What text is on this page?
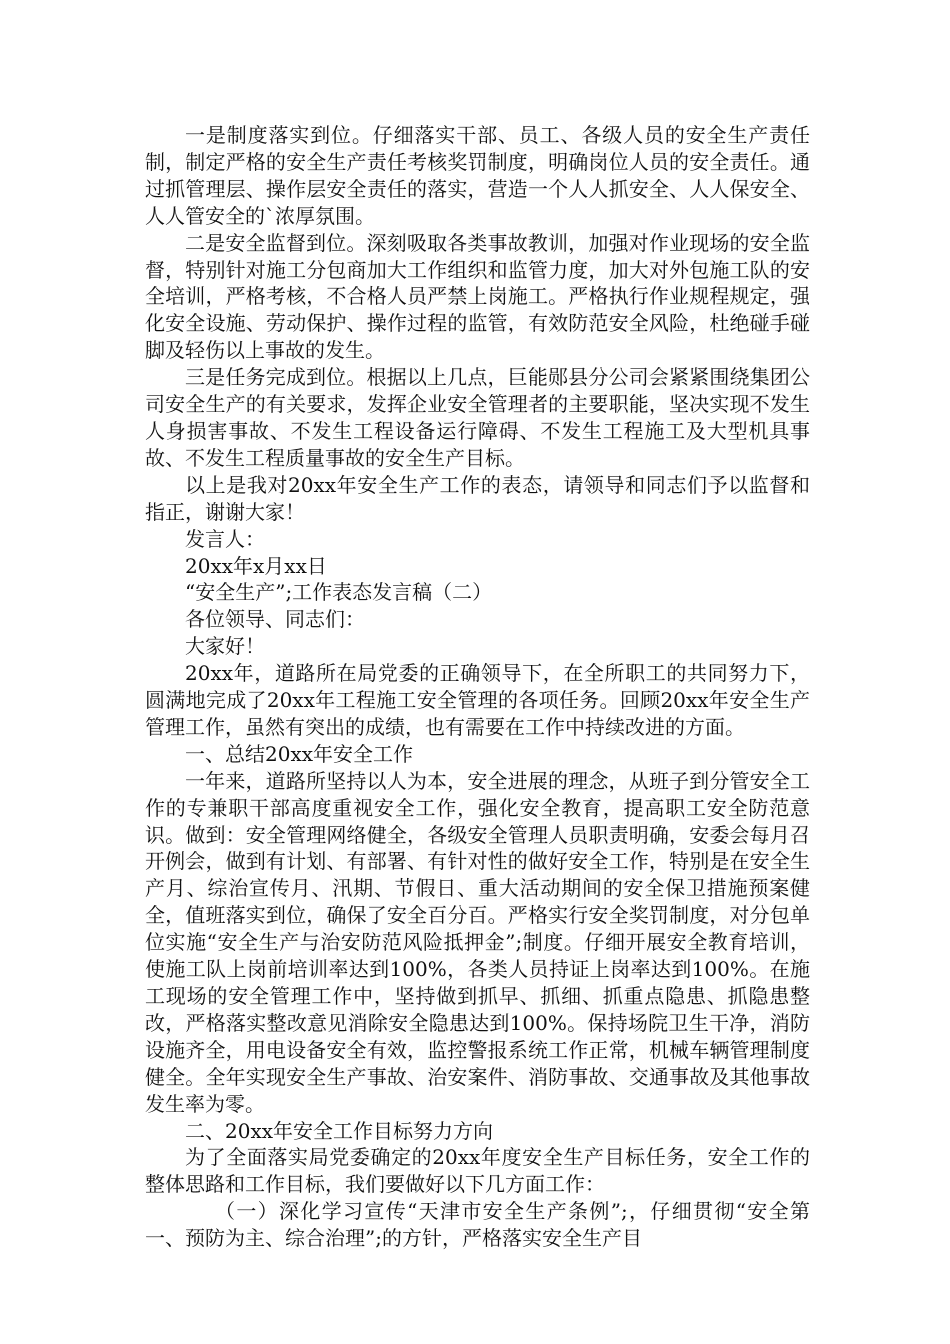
一是制度落实到位。仔细落实干部、员工、各级人员的安全生产责任制，制定严格的安全生产责任考核奖罚制度，明确岗位人员的安全责任。通过抓管理层、操作层安全责任的落实，营造一个人人抓安全、人人保安全、人人管安全的`浓厚氛围。

二是安全监督到位。深刻吸取各类事故教训，加强对作业现场的安全监督，特别针对施工分包商加大工作组织和监管力度，加大对外包施工队的安全培训，严格考核，不合格人员严禁上岗施工。严格执行作业规程规定，强化安全设施、劳动保护、操作过程的监管，有效防范安全风险，杜绝碰手碰脚及轻伤以上事故的发生。

三是任务完成到位。根据以上几点，巨能郧县分公司会紧紧围绕集团公司安全生产的有关要求，发挥企业安全管理者的主要职能，坚决实现不发生人身损害事故、不发生工程设备运行障碍、不发生工程施工及大型机具事故、不发生工程质量事故的安全生产目标。

以上是我对20xx年安全生产工作的表态，请领导和同志们予以监督和指正，谢谢大家！

发言人：

20xx年x月xx日

“安全生产”;工作表态发言稿（二）

各位领导、同志们：

大家好！

20xx年，道路所在局党委的正确领导下，在全所职工的共同努力下，圆满地完成了20xx年工程施工安全管理的各项任务。回顾20xx年安全生产管理工作，虽然有突出的成绩，也有需要在工作中持续改进的方面。

一、总结20xx年安全工作

一年来，道路所坚持以人为本，安全进展的理念，从班子到分管安全工作的专兼职干部高度重视安全工作，强化安全教育，提高职工安全防范意识。做到：安全管理网络健全，各级安全管理人员职责明确，安委会每月召开例会，做到有计划、有部署、有针对性的做好安全工作，特别是在安全生产月、综治宣传月、汛期、节假日、重大活动期间的安全保卫措施预案健全，值班落实到位，确保了安全百分百。严格实行安全奖罚制度，对分包单位实施“安全生产与治安防范风险抵押金”;制度。仔细开展安全教育培训，使施工队上岗前培训率达到100%，各类人员持证上岗率达到100%。在施工现场的安全管理工作中，坚持做到抓早、抓细、抓重点隐患、抓隐患整改，严格落实整改意见消除安全隐患达到100%。保持场院卫生干净，消防设施齐全，用电设备安全有效，监控警报系统工作正常，机械车辆管理制度健全。全年实现安全生产事故、治安案件、消防事故、交通事故及其他事故发生率为零。

二、20xx年安全工作目标努力方向

为了全面落实局党委确定的20xx年度安全生产目标任务，安全工作的整体思路和工作目标，我们要做好以下几方面工作：

（一）深化学习宣传“天津市安全生产条例”;，仔细贯彻“安全第一、预防为主、综合治理”;的方针，严格落实安全生产目
